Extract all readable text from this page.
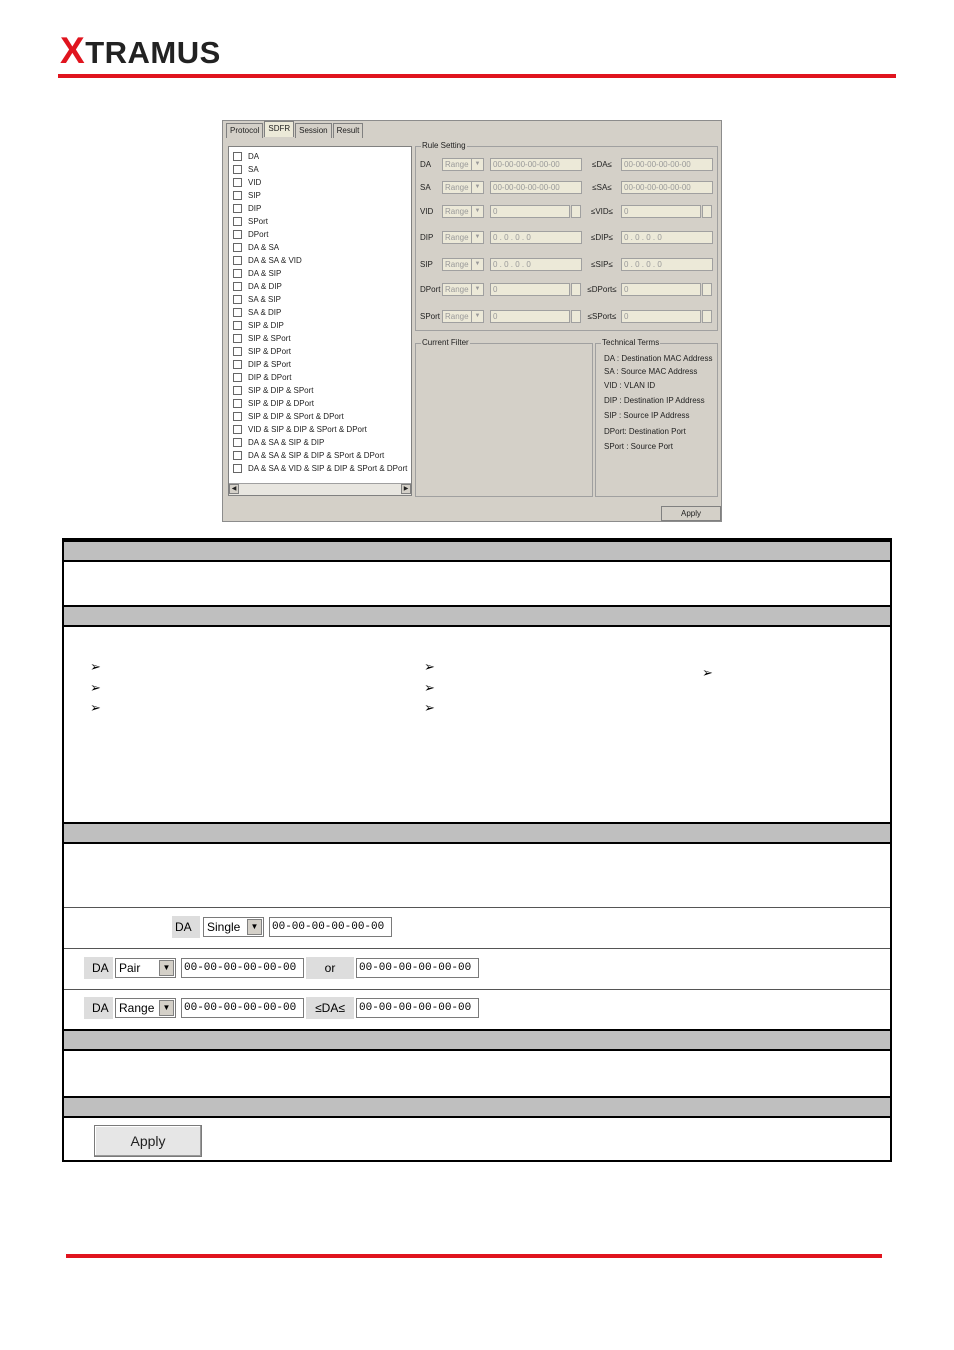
XTRAMUS
Protocol	SDFR	Session	Result
DA
SA
VID
SIP
DIP
SPort
DPort
DA & SA
DA & SA & VID
DA & SIP
DA & DIP
SA & SIP
SA & DIP
SIP & DIP
SIP & SPort
SIP & DPort
DIP & SPort
DIP & DPort
SIP & DIP & SPort
SIP & DIP & DPort
SIP & DIP & SPort & DPort
VID & SIP & DIP & SPort & DPort
DA & SA & SIP & DIP
DA & SA & SIP & DIP & SPort & DPort
DA & SA & VID & SIP & DIP & SPort & DPort
◀	▶
Rule Setting
DA	Range ▼	00-00-00-00-00-00	≤DA≤	00-00-00-00-00-00
SA	Range ▼	00-00-00-00-00-00	≤SA≤	00-00-00-00-00-00
VID	Range ▼	0	≤VID≤	0
DIP	Range ▼	0 . 0 . 0 . 0	≤DIP≤	0 . 0 . 0 . 0
SIP	Range ▼	0 . 0 . 0 . 0	≤SIP≤	0 . 0 . 0 . 0
DPort Range ▼	0	≤DPort≤ 0
SPort Range ▼	0	≤SPort≤ 0
Current Filter	Technical Terms
DA : Destination MAC Address
SA : Source MAC Address
VID : VLAN ID
DIP : Destination IP Address
SIP : Source IP Address
DPort: Destination Port
SPort : Source Port
Apply
➢
➢
➢
➢
➢
➢
➢
DA	Single	▼	00-00-00-00-00-00
DA Pair	▼	00-00-00-00-00-00	or	00-00-00-00-00-00
DA Range	▼	00-00-00-00-00-00	≤DA≤	00-00-00-00-00-00
Apply
